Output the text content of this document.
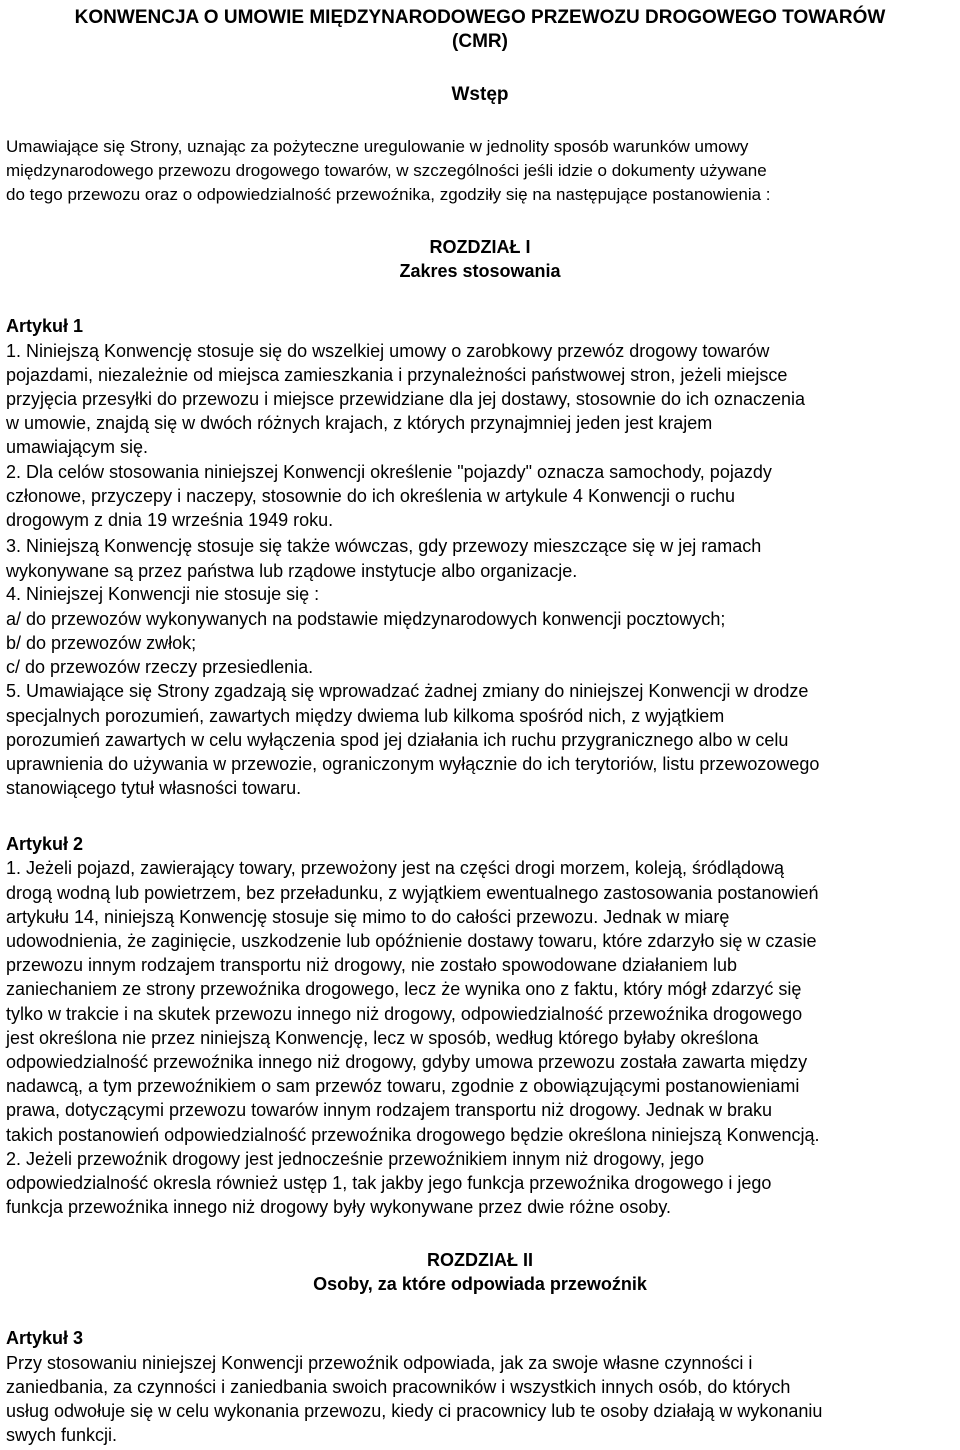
KONWENCJA O UMOWIE MIĘDZYNARODOWEGO PRZEWOZU DROGOWEGO TOWARÓW
(CMR)
Wstęp
Umawiające się Strony, uznając za pożyteczne uregulowanie w jednolity sposób warunków umowy
międzynarodowego przewozu drogowego towarów, w szczególności jeśli idzie o dokumenty używane
do tego przewozu oraz o odpowiedzialność przewoźnika, zgodziły się na następujące postanowienia :
ROZDZIAŁ I
Zakres stosowania
Artykuł 1
1. Niniejszą Konwencję stosuje się do wszelkiej umowy o zarobkowy przewóz drogowy towarów
pojazdami, niezależnie od miejsca zamieszkania i przynależności państwowej stron, jeżeli miejsce
przyjęcia przesyłki do przewozu i miejsce przewidziane dla jej dostawy, stosownie do ich oznaczenia
w umowie, znajdą się w dwóch różnych krajach, z których przynajmniej jeden jest krajem
umawiającym się.
2. Dla celów stosowania niniejszej Konwencji określenie "pojazdy" oznacza samochody, pojazdy
członowe, przyczepy i naczepy, stosownie do ich określenia w artykule 4 Konwencji o ruchu
drogowym z dnia 19 września 1949 roku.
3. Niniejszą Konwencję stosuje się także wówczas, gdy przewozy mieszczące się w jej ramach
wykonywane są przez państwa lub rządowe instytucje albo organizacje.
4. Niniejszej Konwencji nie stosuje się :
a/ do przewozów wykonywanych na podstawie międzynarodowych konwencji pocztowych;
b/ do przewozów zwłok;
c/ do przewozów rzeczy przesiedlenia.
5. Umawiające się Strony zgadzają się wprowadzać żadnej zmiany do niniejszej Konwencji w drodze
specjalnych porozumień, zawartych między dwiema lub kilkoma spośród nich, z wyjątkiem
porozumień zawartych w celu wyłączenia spod jej działania ich ruchu przygranicznego albo w celu
uprawnienia do używania w przewozie, ograniczonym wyłącznie do ich terytoriów, listu przewozowego
stanowiącego tytuł własności towaru.
Artykuł 2
1. Jeżeli pojazd, zawierający towary, przewożony jest na części drogi morzem, koleją, śródlądową
drogą wodną lub powietrzem, bez przeładunku, z wyjątkiem ewentualnego zastosowania postanowień
artykułu 14, niniejszą Konwencję stosuje się mimo to do całości przewozu. Jednak w miarę
udowodnienia, że zaginięcie, uszkodzenie lub opóźnienie dostawy towaru, które zdarzyło się w czasie
przewozu innym rodzajem transportu niż drogowy, nie zostało spowodowane działaniem lub
zaniechaniem ze strony przewoźnika drogowego, lecz że wynika ono z faktu, który mógł zdarzyć się
tylko w trakcie i na skutek przewozu innego niż drogowy, odpowiedzialność przewoźnika drogowego
jest określona nie przez niniejszą Konwencję, lecz w sposób, według którego byłaby określona
odpowiedzialność przewoźnika innego niż drogowy, gdyby umowa przewozu została zawarta między
nadawcą, a tym przewoźnikiem o sam przewóz towaru, zgodnie z obowiązującymi postanowieniami
prawa, dotyczącymi przewozu towarów innym rodzajem transportu niż drogowy. Jednak w braku
takich postanowień odpowiedzialność przewoźnika drogowego będzie określona niniejszą Konwencją.
2. Jeżeli przewoźnik drogowy jest jednocześnie przewoźnikiem innym niż drogowy, jego
odpowiedzialność okresla również ustęp 1, tak jakby jego funkcja przewoźnika drogowego i jego
funkcja przewoźnika innego niż drogowy były wykonywane przez dwie różne osoby.
ROZDZIAŁ II
Osoby, za które odpowiada przewoźnik
Artykuł 3
Przy stosowaniu niniejszej Konwencji przewoźnik odpowiada, jak za swoje własne czynności i
zaniedbania, za czynności i zaniedbania swoich pracowników i wszystkich innych osób, do których
usług odwołuje się w celu wykonania przewozu, kiedy ci pracownicy lub te osoby działają w wykonaniu
swych funkcji.
